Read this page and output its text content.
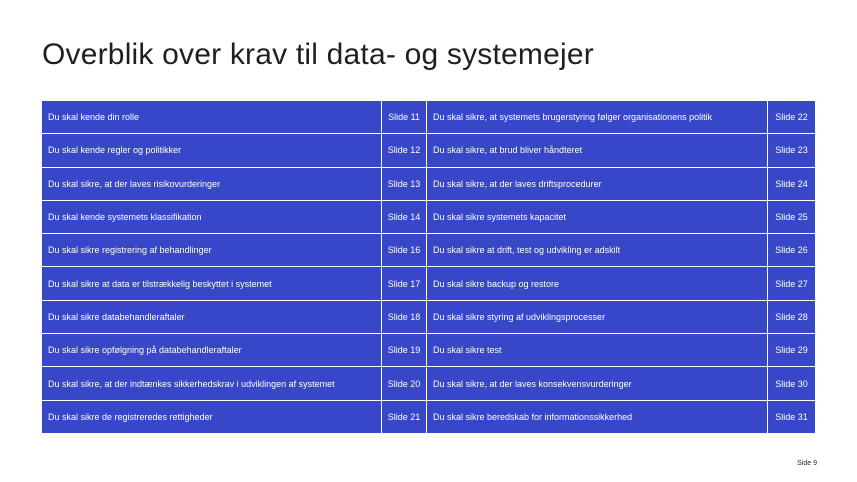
Overblik over krav til data- og systemejer
Du skal kende din rolle	Slide 11	Du skal sikre, at systemets brugerstyring følger organisationens politik	Slide 22
Du skal kende regler og politikker	Slide 12	Du skal sikre, at brud bliver håndteret	Slide 23
Du skal sikre, at der laves risikovurderinger	Slide 13	Du skal sikre, at der laves driftsprocedurer	Slide 24
Du skal kende systemets klassifikation	Slide 14	Du skal sikre systemets kapacitet	Slide 25
Du skal sikre registrering af behandlinger	Slide 16	Du skal sikre at drift, test og udvikling er adskilt	Slide 26
Du skal sikre at data er tilstrækkelig beskyttet i systemet	Slide 17	Du skal sikre backup og restore	Slide 27
Du skal sikre databehandleraftaler	Slide 18	Du skal sikre styring af udviklingsprocesser	Slide 28
Du skal sikre opfølgning på databehandleraftaler	Slide 19	Du skal sikre test	Slide 29
Du skal sikre, at der indtænkes sikkerhedskrav i udviklingen af systemet	Slide 20	Du skal sikre, at der laves konsekvensvurderinger	Slide 30
Du skal sikre de registreredes rettigheder	Slide 21	Du skal sikre beredskab for informationssikkerhed	Slide 31
Side 9
